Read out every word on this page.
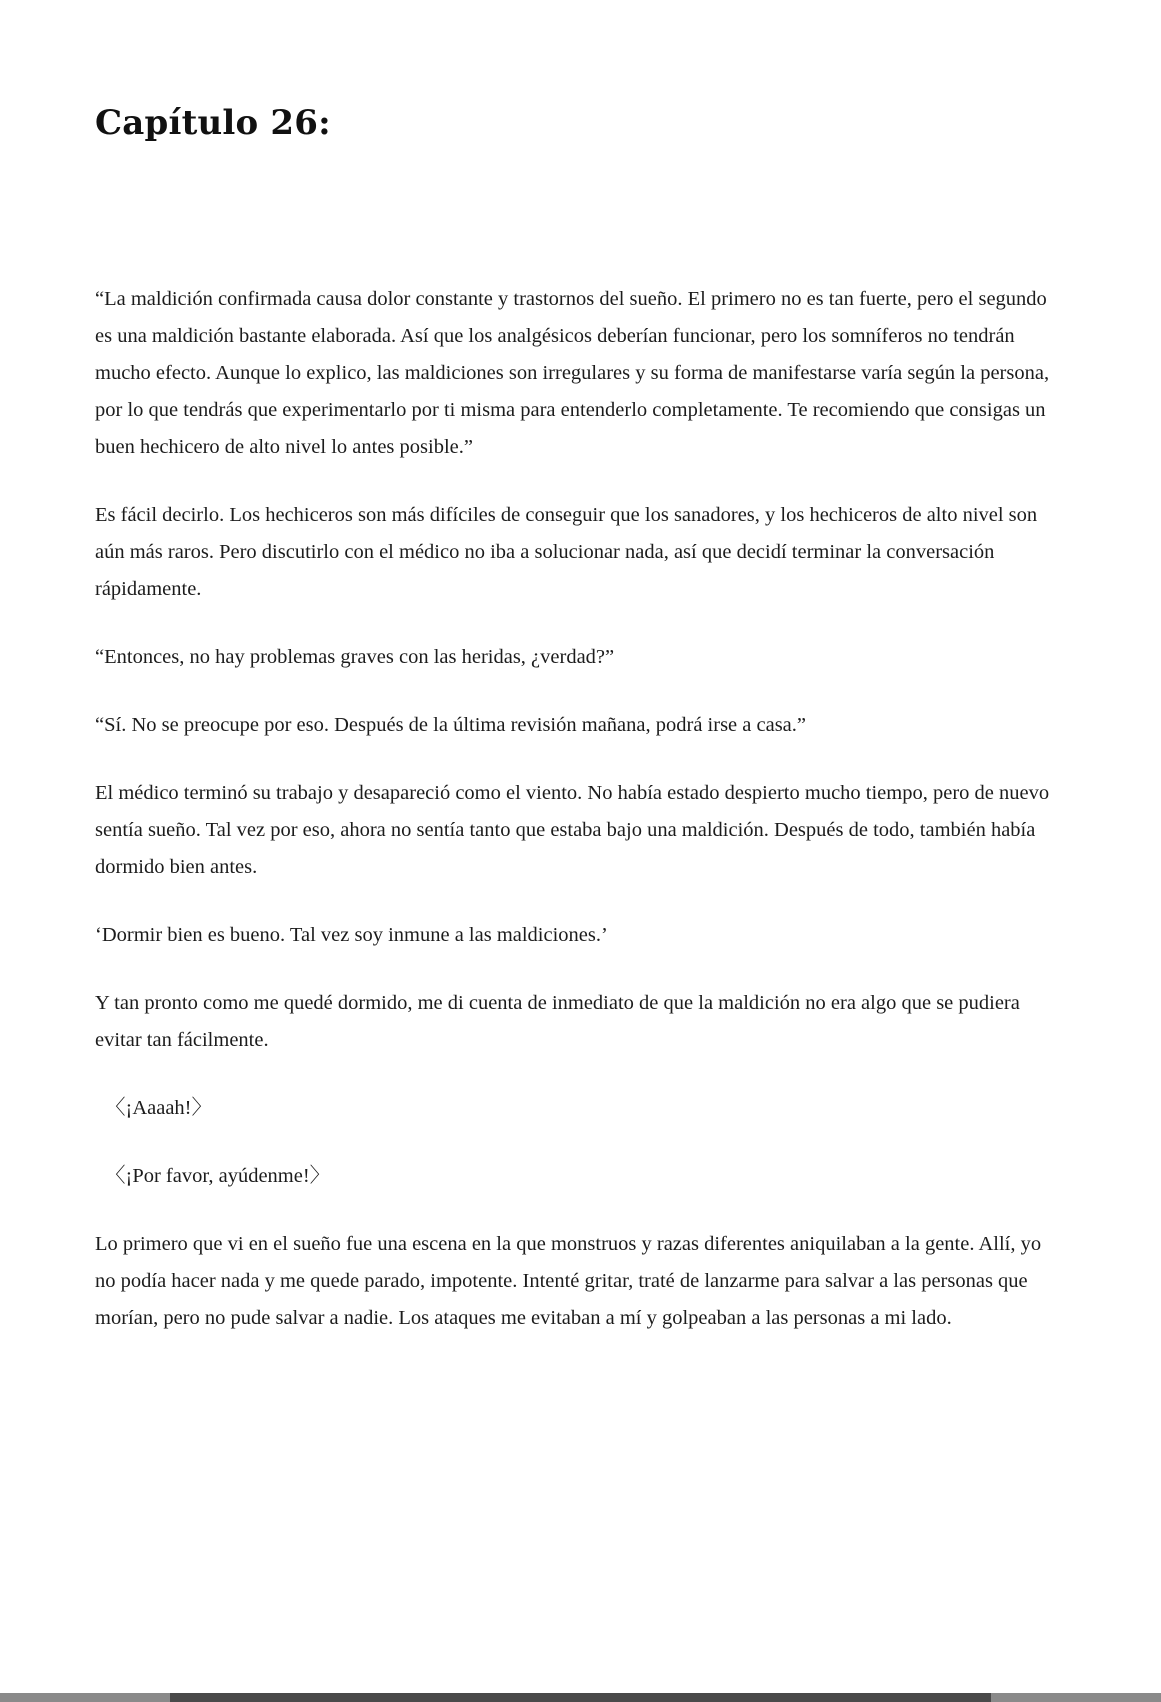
Capítulo 26:

“La maldición confirmada causa dolor constante y trastornos del sueño. El primero no es tan fuerte, pero el segundo es una maldición bastante elaborada. Así que los analgésicos deberían funcionar, pero los somníferos no tendrán mucho efecto. Aunque lo explico, las maldiciones son irregulares y su forma de manifestarse varía según la persona, por lo que tendrás que experimentarlo por ti misma para entenderlo completamente. Te recomiendo que consigas un buen hechicero de alto nivel lo antes posible.”

Es fácil decirlo. Los hechiceros son más difíciles de conseguir que los sanadores, y los hechiceros de alto nivel son aún más raros. Pero discutirlo con el médico no iba a solucionar nada, así que decidí terminar la conversación rápidamente.

“Entonces, no hay problemas graves con las heridas, ¿verdad?”

“Sí. No se preocupe por eso. Después de la última revisión mañana, podrá irse a casa.”

El médico terminó su trabajo y desapareció como el viento. No había estado despierto mucho tiempo, pero de nuevo sentía sueño. Tal vez por eso, ahora no sentía tanto que estaba bajo una maldición. Después de todo, también había dormido bien antes.

‘Dormir bien es bueno. Tal vez soy inmune a las maldiciones.’

Y tan pronto como me quedé dormido, me di cuenta de inmediato de que la maldición no era algo que se pudiera evitar tan fácilmente.

〈¡Aaaah!〉

〈¡Por favor, ayúdenme!〉

Lo primero que vi en el sueño fue una escena en la que monstruos y razas diferentes aniquilaban a la gente. Allí, yo no podía hacer nada y me quede parado, impotente. Intenté gritar, traté de lanzarme para salvar a las personas que morían, pero no pude salvar a nadie. Los ataques me evitaban a mí y golpeaban a las personas a mi lado.
